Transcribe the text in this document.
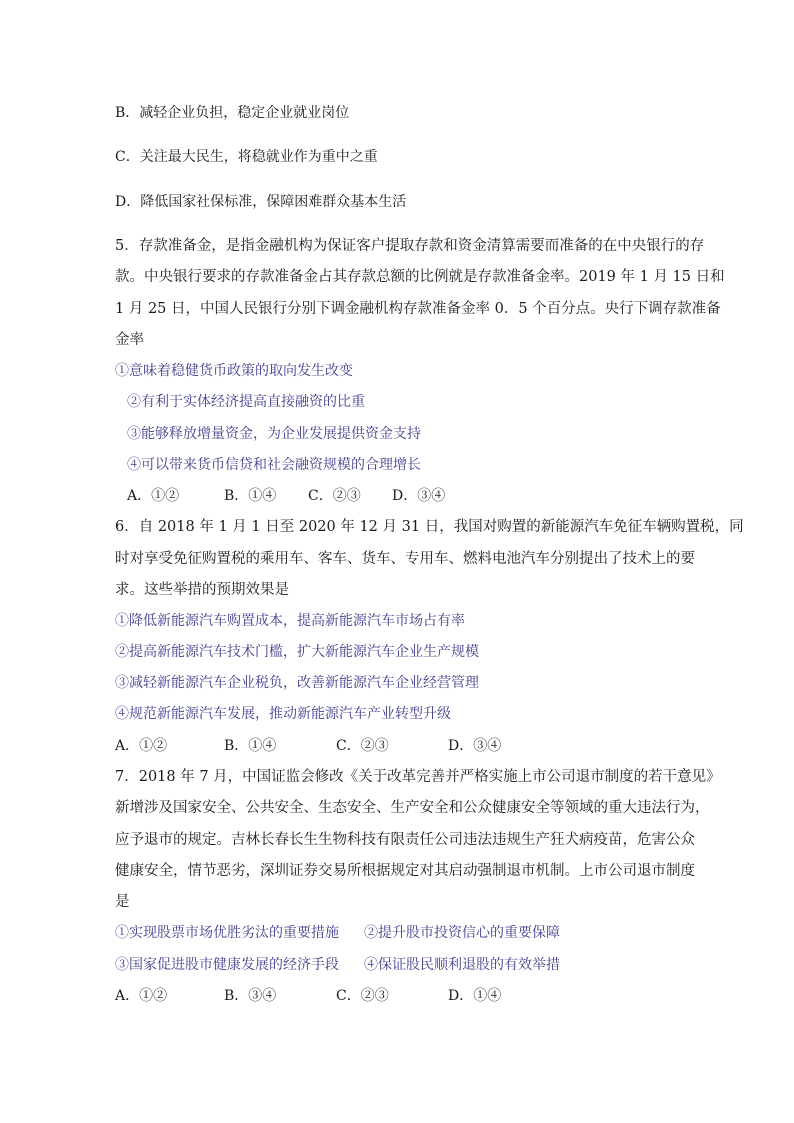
B．减轻企业负担，稳定企业就业岗位
C．关注最大民生，将稳就业作为重中之重
D．降低国家社保标准，保障困难群众基本生活
5．存款准备金，是指金融机构为保证客户提取存款和资金清算需要而准备的在中央银行的存
款。中央银行要求的存款准备金占其存款总额的比例就是存款准备金率。2019 年 1 月 15 日和
1 月 25 日，中国人民银行分别下调金融机构存款准备金率 0．5 个百分点。央行下调存款准备
金率
①意味着稳健货币政策的取向发生改变
②有利于实体经济提高直接融资的比重
③能够释放增量资金，为企业发展提供资金支持
④可以带来货币信贷和社会融资规模的合理增长
A．①②	B．①④ C．②③ D．③④
6．自 2018 年 1 月 1 日至 2020 年 12 月 31 日，我国对购置的新能源汽车免征车辆购置税，同
时对享受免征购置税的乘用车、客车、货车、专用车、燃料电池汽车分别提出了技术上的要
求。这些举措的预期效果是
①降低新能源汽车购置成本，提高新能源汽车市场占有率
②提高新能源汽车技术门槛，扩大新能源汽车企业生产规模
③减轻新能源汽车企业税负，改善新能源汽车企业经营管理
④规范新能源汽车发展，推动新能源汽车产业转型升级
A．①②	B．①④	C．②③	D．③④
7．2018 年 7 月，中国证监会修改《关于改革完善并严格实施上市公司退市制度的若干意见》
新增涉及国家安全、公共安全、生态安全、生产安全和公众健康安全等领域的重大违法行为，
应予退市的规定。吉林长春长生生物科技有限责任公司违法违规生产狂犬病疫苗，危害公众
健康安全，情节恶劣，深圳证券交易所根据规定对其启动强制退市机制。上市公司退市制度
是
①实现股票市场优胜劣汰的重要措施 ②提升股市投资信心的重要保障
③国家促进股市健康发展的经济手段 ④保证股民顺利退股的有效举措
A．①②	B．③④	C．②③	D．①④
